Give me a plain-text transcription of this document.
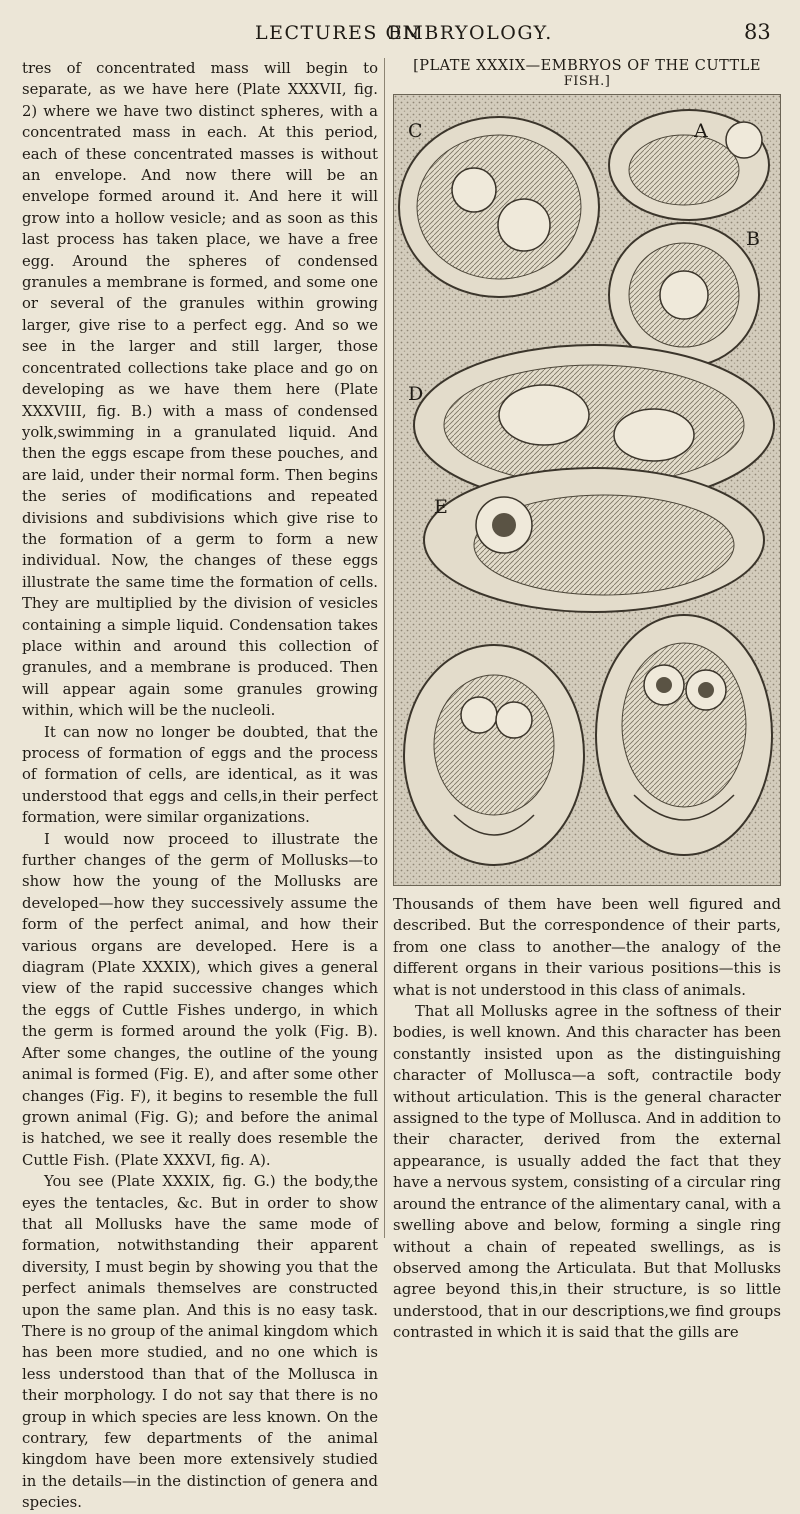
LECTURES ON
EMBRYOLOGY.	83

tres of concentrated mass will begin to separate, as we have here (Plate XXXVII, fig. 2) where we have two distinct spheres, with a concentrated mass in each. At this period, each of these concentrated masses is without an envelope. And now there will be an envelope formed around it. And here it will grow into a hollow vesicle; and as soon as this last process has taken place, we have a free egg. Around the spheres of condensed granules a membrane is formed, and some one or several of the granules within growing larger, give rise to a perfect egg. And so we see in the larger and still larger, those concentrated collections take place and go on developing as we have them here (Plate XXXVIII, fig. B.) with a mass of condensed yolk,swimming in a granulated liquid. And then the eggs escape from these pouches, and are laid, under their normal form. Then begins the series of modifications and repeated divisions and subdivisions which give rise to the formation of a germ to form a new individual. Now, the changes of these eggs illustrate the same time the formation of cells. They are multiplied by the division of vesicles containing a simple liquid. Condensation takes place within and around this collection of granules, and a membrane is produced. Then will appear again some granules growing within, which will be the nucleoli.

It can now no longer be doubted, that the process of formation of eggs and the process of formation of cells, are identical, as it was understood that eggs and cells,in their perfect formation, were similar organizations.

I would now proceed to illustrate the further changes of the germ of Mollusks—to show how the young of the Mollusks are developed—how they successively assume the form of the perfect animal, and how their various organs are developed. Here is a diagram (Plate XXXIX), which gives a general view of the rapid successive changes which the eggs of Cuttle Fishes undergo, in which the germ is formed around the yolk (Fig. B). After some changes, the outline of the young animal is formed (Fig. E), and after some other changes (Fig. F), it begins to resemble the full grown animal (Fig. G); and before the animal is hatched, we see it really does resemble the Cuttle Fish. (Plate XXXVI, fig. A).

You see (Plate XXXIX, fig. G.) the body,the eyes the tentacles, &c. But in order to show that all Mollusks have the same mode of formation, notwithstanding their apparent diversity, I must begin by showing you that the perfect animals themselves are constructed upon the same plan. And this is no easy task. There is no group of the animal kingdom which has been more studied, and no one which is less understood than that of the Mollusca in their morphology. I do not say that there is no group in which species are less known. On the contrary, few departments of the animal kingdom have been more extensively studied in the details—in the distinction of genera and species.

[PLATE XXXIX—EMBRYOS OF THE CUTTLE
FISH.]
C	A
B
D
E

Thousands of them have been well figured and described. But the correspondence of their parts, from one class to another—the analogy of the different organs in their various positions—this is what is not understood in this class of animals.

That all Mollusks agree in the softness of their bodies, is well known. And this character has been constantly insisted upon as the distinguishing character of Mollusca—a soft, contractile body without articulation. This is the general character assigned to the type of Mollusca. And in addition to their character, derived from the external appearance, is usually added the fact that they have a nervous system, consisting of a circular ring around the entrance of the alimentary canal, with a swelling above and below, forming a single ring without a chain of repeated swellings, as is observed among the Articulata. But that Mollusks agree beyond this,in their structure, is so little understood, that in our descriptions,we find groups contrasted in which it is said that the gills are
